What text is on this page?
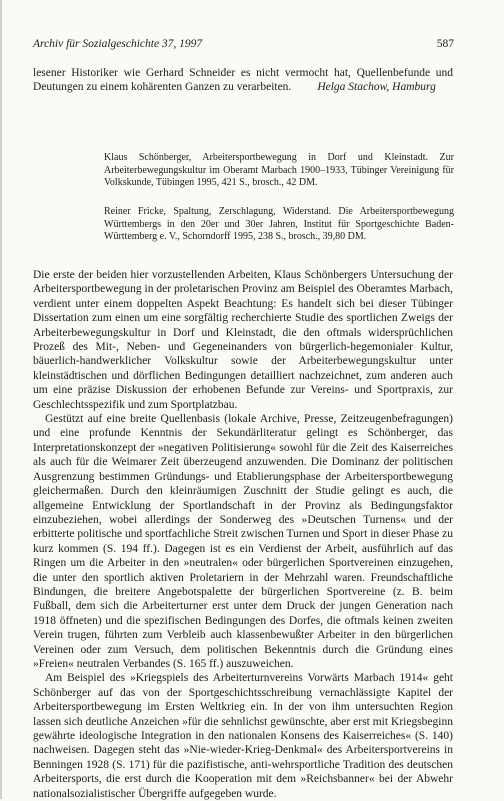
Archiv für Sozialgeschichte 37, 1997	587

lesener Historiker wie Gerhard Schneider es nicht vermocht hat, Quellenbefunde und Deutungen zu einem kohärenten Ganzen zu verarbeiten. Helga Stachow, Hamburg

Klaus Schönberger, Arbeitersportbewegung in Dorf und Kleinstadt. Zur Arbeiterbewegungskultur im Oberamt Marbach 1900–1933, Tübinger Vereinigung für Volkskunde, Tübingen 1995, 421 S., brosch., 42 DM.

Reiner Fricke, Spaltung, Zerschlagung, Widerstand. Die Arbeitersportbewegung Württembergs in den 20er und 30er Jahren, Institut für Sportgeschichte Baden-Württemberg e. V., Schorndorff 1995, 238 S., brosch., 39,80 DM.

Die erste der beiden hier vorzustellenden Arbeiten, Klaus Schönbergers Untersuchung der Arbeitersportbewegung in der proletarischen Provinz am Beispiel des Oberamtes Marbach, verdient unter einem doppelten Aspekt Beachtung: Es handelt sich bei dieser Tübinger Dissertation zum einen um eine sorgfältig recherchierte Studie des sportlichen Zweigs der Arbeiterbewegungskultur in Dorf und Kleinstadt, die den oftmals widersprüchlichen Prozeß des Mit-, Neben- und Gegeneinanders von bürgerlich-hegemonialer Kultur, bäuerlich-handwerklicher Volkskultur sowie der Arbeiterbewegungskultur unter kleinstädtischen und dörflichen Bedingungen detailliert nachzeichnet, zum anderen auch um eine präzise Diskussion der erhobenen Befunde zur Vereins- und Sportpraxis, zur Geschlechtsspezifik und zum Sportplatzbau.

Gestützt auf eine breite Quellenbasis (lokale Archive, Presse, Zeitzeugenbefragungen) und eine profunde Kenntnis der Sekundärliteratur gelingt es Schönberger, das Interpretationskonzept der »negativen Politisierung« sowohl für die Zeit des Kaiserreiches als auch für die Weimarer Zeit überzeugend anzuwenden. Die Dominanz der politischen Ausgrenzung bestimmen Gründungs- und Etablierungsphase der Arbeitersportbewegung gleichermaßen. Durch den kleinräumigen Zuschnitt der Studie gelingt es auch, die allgemeine Entwicklung der Sportlandschaft in der Provinz als Bedingungsfaktor einzubeziehen, wobei allerdings der Sonderweg des »Deutschen Turnens« und der erbitterte politische und sportfachliche Streit zwischen Turnen und Sport in dieser Phase zu kurz kommen (S. 194 ff.). Dagegen ist es ein Verdienst der Arbeit, ausführlich auf das Ringen um die Arbeiter in den »neutralen« oder bürgerlichen Sportvereinen einzugehen, die unter den sportlich aktiven Proletariern in der Mehrzahl waren. Freundschaftliche Bindungen, die breitere Angebotspalette der bürgerlichen Sportvereine (z. B. beim Fußball, dem sich die Arbeiterturner erst unter dem Druck der jungen Generation nach 1918 öffneten) und die spezifischen Bedingungen des Dorfes, die oftmals keinen zweiten Verein trugen, führten zum Verbleib auch klassenbewußter Arbeiter in den bürgerlichen Vereinen oder zum Versuch, dem politischen Bekenntnis durch die Gründung eines »Freien« neutralen Verbandes (S. 165 ff.) auszuweichen.

Am Beispiel des »Kriegspiels des Arbeiterturnvereins Vorwärts Marbach 1914« geht Schönberger auf das von der Sportgeschichtsschreibung vernachlässigte Kapitel der Arbeitersportbewegung im Ersten Weltkrieg ein. In der von ihm untersuchten Region lassen sich deutliche Anzeichen »für die sehnlichst gewünschte, aber erst mit Kriegsbeginn gewährte ideologische Integration in den nationalen Konsens des Kaiserreiches« (S. 140) nachweisen. Dagegen steht das »Nie-wieder-Krieg-Denkmal« des Arbeitersportvereins in Benningen 1928 (S. 171) für die pazifistische, anti-wehrsportliche Tradition des deutschen Arbeitersports, die erst durch die Kooperation mit dem »Reichsbanner« bei der Abwehr nationalsozialistischer Übergriffe aufgegeben wurde.
